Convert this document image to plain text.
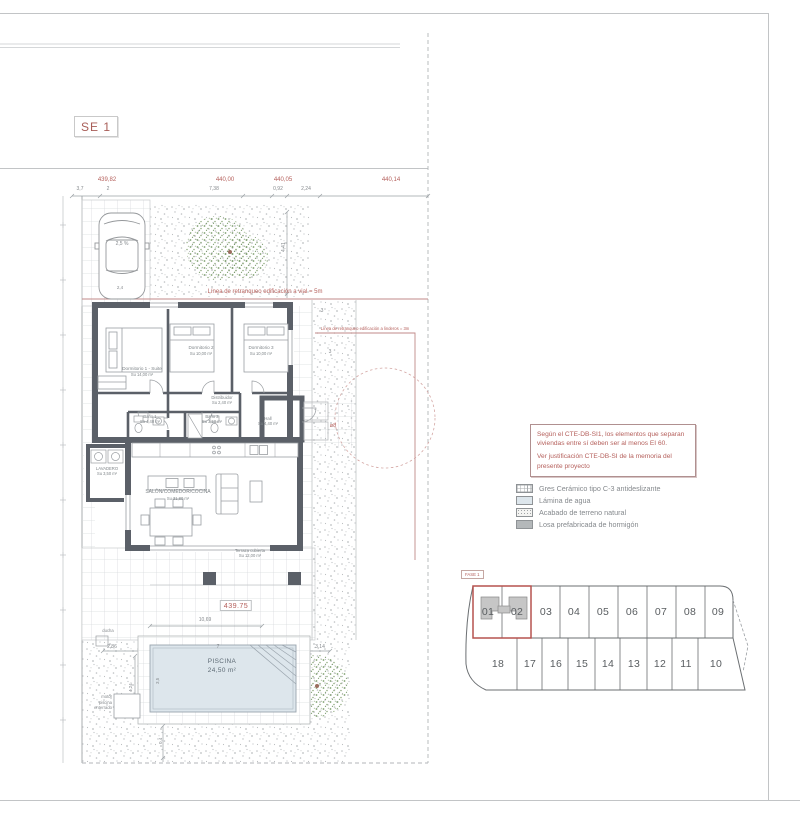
SE 1
439,82	440,00	440,05	440,14
3,7	2	7,38	0,92	2,24
Línea de retranqueo edificación a vial = 5m
Línea de retranqueo edificación a linderos = 3m
2,5 %
2,4
4,41
3
3
ø8
439.75
10,69
ducha
0,4
2,86	7	3,14
3,5
4,24
Dormitorio 1 - Suite
Su 14,00 m²
Dormitorio 2
Su 10,00 m²
Dormitorio 3
Su 10,00 m²
Distribuidor
Su 2,40 m²
Baño 1
Su 4,40 m²
Baño 2
Su 3,50 m²
Hall
Su 4,40 m²
LAVADERO
Su 3,50 m²
SALÓN/COMEDOR/COCINA
Su 31,80 m²
Terraza cubierta
Su 12,00 m²
PISCINA
24,50 m²
motor
piscina
enterrado

Según el CTE-DB-SI1, los elementos que separan viviendas entre sí deben ser al menos EI 60.

Ver justificación CTE-DB-SI de la memoria del presente proyecto

Gres Cerámico tipo C-3 antideslizante
Lámina de agua
Acabado de terreno natural
Losa prefabricada de hormigón
FASE 1
01 02 03 04 05 06 07 08 09
18 17 16 15 14 13 12 11 10
